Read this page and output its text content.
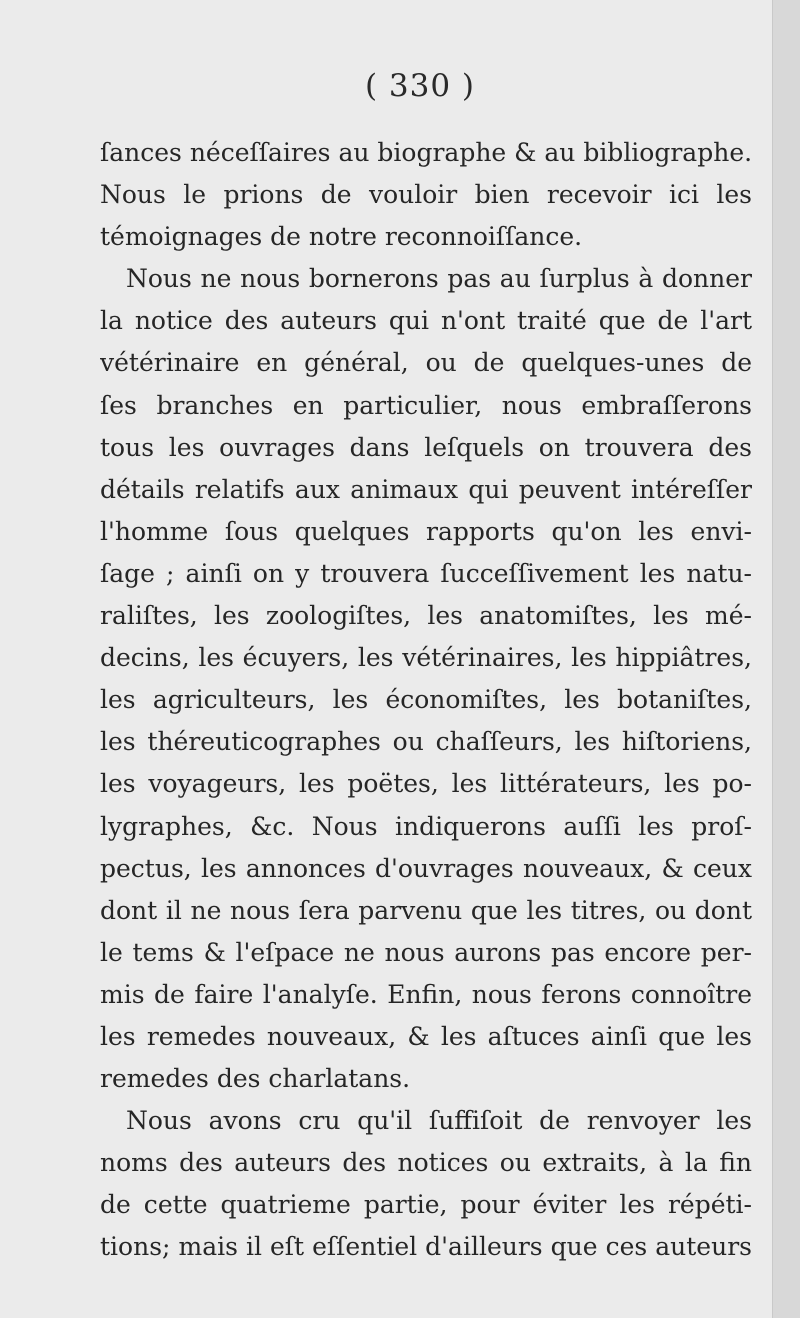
( 330 )
ſances néceſſaires au biographe & au bibliographe.
Nous le prions de vouloir bien recevoir ici les
témoignages de notre reconnoiſſance.
Nous ne nous bornerons pas au ſurplus à donner
la notice des auteurs qui n'ont traité que de l'art
vétérinaire en général, ou de quelques-unes de
ſes branches en particulier, nous embraſſerons
tous les ouvrages dans leſquels on trouvera des
détails relatifs aux animaux qui peuvent intéreſſer
l'homme ſous quelques rapports qu'on les envi-
ſage ; ainſi on y trouvera ſucceſſivement les natu-
raliſtes, les zoologiſtes, les anatomiſtes, les mé-
decins, les écuyers, les vétérinaires, les hippiâtres,
les agriculteurs, les économiſtes, les botaniſtes,
les théreuticographes ou chaſſeurs, les hiſtoriens,
les voyageurs, les poëtes, les littérateurs, les po-
lygraphes, &c. Nous indiquerons auſſi les proſ-
pectus, les annonces d'ouvrages nouveaux, & ceux
dont il ne nous ſera parvenu que les titres, ou dont
le tems & l'eſpace ne nous aurons pas encore per-
mis de faire l'analyſe. Enfin, nous ferons connoître
les remedes nouveaux, & les aſtuces ainſi que les
remedes des charlatans.
Nous avons cru qu'il ſuffiſoit de renvoyer les
noms des auteurs des notices ou extraits, à la fin
de cette quatrieme partie, pour éviter les répéti-
tions; mais il eſt eſſentiel d'ailleurs que ces auteurs
